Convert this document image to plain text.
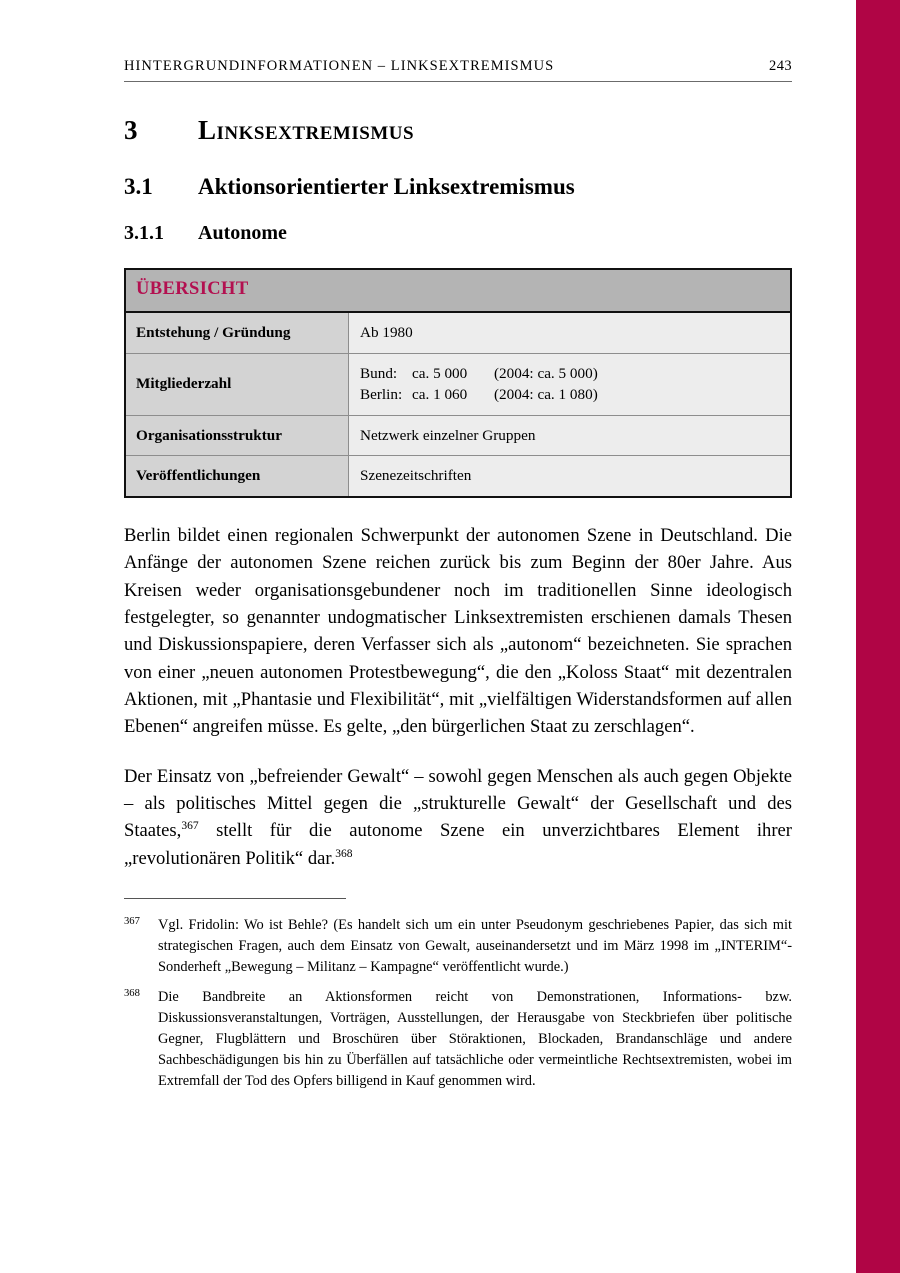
HINTERGRUNDINFORMATIONEN – LINKSEXTREMISMUS	243
3	Linksextremismus
3.1	Aktionsorientierter Linksextremismus
3.1.1	Autonome
ÜBERSICHT	
Entstehung / Gründung	Ab 1980
Mitgliederzahl	Bund: ca. 5 000 (2004: ca. 5 000)
Berlin: ca. 1 060 (2004: ca. 1 080)

Organisationsstruktur	Netzwerk einzelner Gruppen
Veröffentlichungen	Szenezeitschriften

Berlin bildet einen regionalen Schwerpunkt der autonomen Szene in Deutschland. Die Anfänge der autonomen Szene reichen zurück bis zum Beginn der 80er Jahre. Aus Kreisen weder organisationsgebundener noch im traditionellen Sinne ideologisch festgelegter, so genannter undogmatischer Linksextremisten erschienen damals Thesen und Diskussionspapiere, deren Verfasser sich als „autonom“ bezeichneten. Sie sprachen von einer „neuen autonomen Protestbewegung“, die den „Koloss Staat“ mit dezentralen Aktionen, mit „Phantasie und Flexibilität“, mit „vielfältigen Widerstandsformen auf allen Ebenen“ angreifen müsse. Es gelte, „den bürgerlichen Staat zu zerschlagen“.

Der Einsatz von „befreiender Gewalt“ – sowohl gegen Menschen als auch gegen Objekte – als politisches Mittel gegen die „strukturelle Gewalt“ der Gesellschaft und des Staates,$^{367}$ stellt für die autonome Szene ein unverzichtbares Element ihrer „revolutionären Politik“ dar.$^{368}$

367	Vgl. Fridolin: Wo ist Behle? (Es handelt sich um ein unter Pseudonym geschriebenes Papier, das sich mit strategischen Fragen, auch dem Einsatz von Gewalt, auseinandersetzt und im März 1998 im „INTERIM“-Sonderheft „Bewegung – Militanz – Kampagne“ veröffentlicht wurde.)
368	Die Bandbreite an Aktionsformen reicht von Demonstrationen, Informations- bzw. Diskussionsveranstaltungen, Vorträgen, Ausstellungen, der Herausgabe von Steckbriefen über politische Gegner, Flugblättern und Broschüren über Störaktionen, Blockaden, Brandanschläge und andere Sachbeschädigungen bis hin zu Überfällen auf tatsächliche oder vermeintliche Rechtsextremisten, wobei im Extremfall der Tod des Opfers billigend in Kauf genommen wird.
